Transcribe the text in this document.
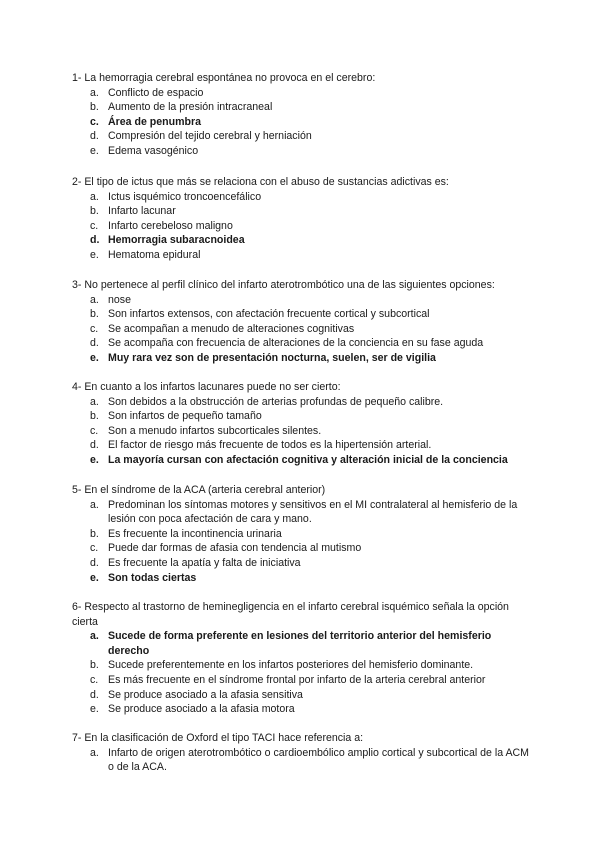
1- La hemorragia cerebral espontánea no provoca en el cerebro:

a. Conflicto de espacio
b. Aumento de la presión intracraneal
c. Área de penumbra
d. Compresión del tejido cerebral y herniación
e. Edema vasogénico

2- El tipo de ictus que más se relaciona con el abuso de sustancias adictivas es:

a. Ictus isquémico troncoencefálico
b. Infarto lacunar
c. Infarto cerebeloso maligno
d. Hemorragia subaracnoidea
e. Hematoma epidural

3- No pertenece al perfil clínico del infarto aterotrombótico una de las siguientes opciones:

a. nose
b. Son infartos extensos, con afectación frecuente cortical y subcortical
c. Se acompañan a menudo de alteraciones cognitivas
d. Se acompaña con frecuencia de alteraciones de la conciencia en su fase aguda
e. Muy rara vez son de presentación nocturna, suelen, ser de vigilia

4- En cuanto a los infartos lacunares puede no ser cierto:

a. Son debidos a la obstrucción de arterias profundas de pequeño calibre.
b. Son infartos de pequeño tamaño
c. Son a menudo infartos subcorticales silentes.
d. El factor de riesgo más frecuente de todos es la hipertensión arterial.
e. La mayoría cursan con afectación cognitiva y alteración inicial de la conciencia

5- En el síndrome de la ACA (arteria cerebral anterior)

a. Predominan los síntomas motores y sensitivos en el MI contralateral al hemisferio de la lesión con poca afectación de cara y mano.
b. Es frecuente la incontinencia urinaria
c. Puede dar formas de afasia con tendencia al mutismo
d. Es frecuente la apatía y falta de iniciativa
e. Son todas ciertas

6- Respecto al trastorno de heminegligencia en el infarto cerebral isquémico señala la opción cierta

a. Sucede de forma preferente en lesiones del territorio anterior del hemisferio derecho
b. Sucede preferentemente en los infartos posteriores del hemisferio dominante.
c. Es más frecuente en el síndrome frontal por infarto de la arteria cerebral anterior
d. Se produce asociado a la afasia sensitiva
e. Se produce asociado a la afasia motora

7- En la clasificación de Oxford el tipo TACI hace referencia a:

a. Infarto de origen aterotrombótico o cardioembólico amplio cortical y subcortical de la ACM o de la ACA.
